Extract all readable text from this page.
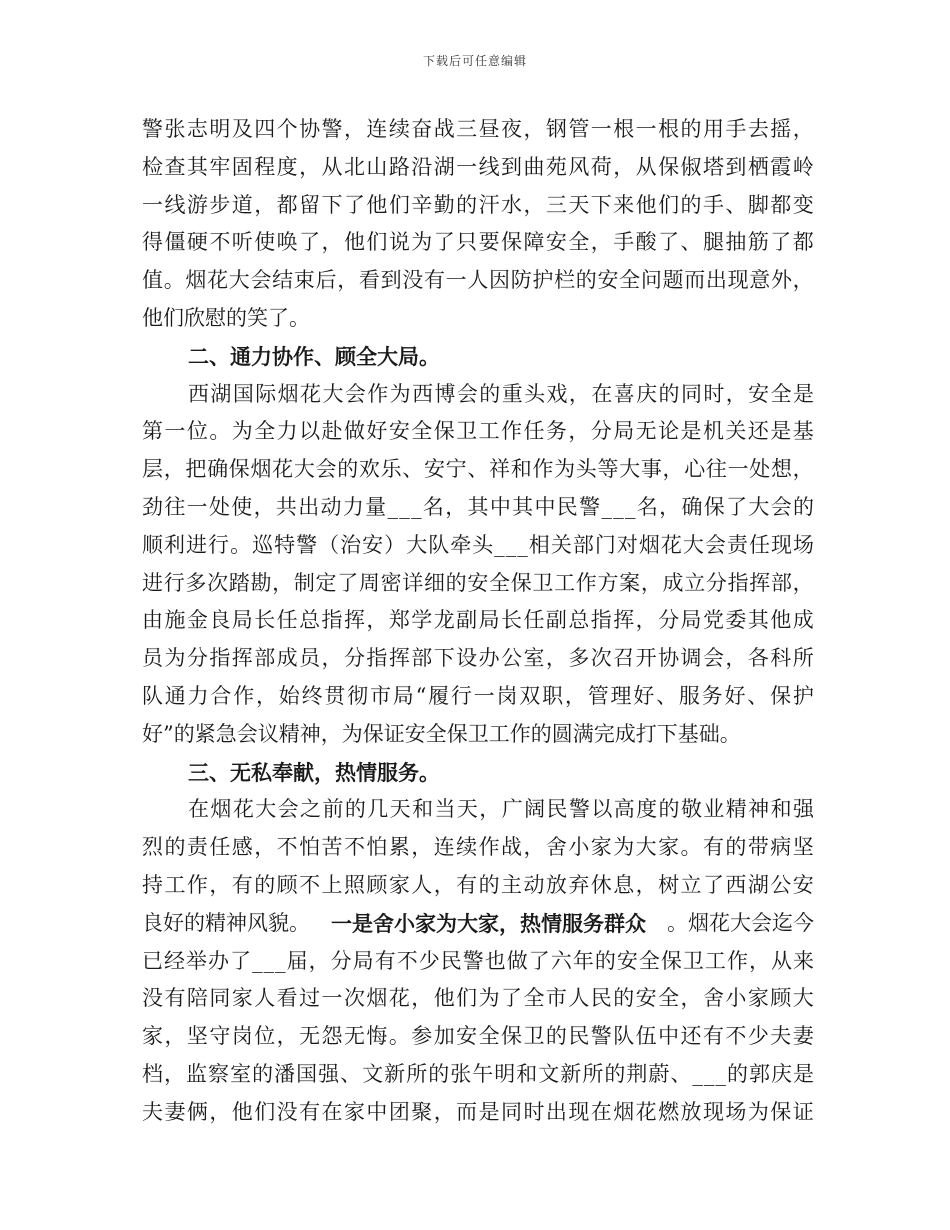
下载后可任意编辑
警 张 志 明 及 四 个 协 警 ， 连 续 奋 战 三 昼 夜 ， 钢 管 一 根 一 根 的 用 手 去 摇 ，
检 查 其 牢 固 程 度 ， 从 北 山 路 沿 湖 一 线 到 曲 苑 风 荷 ， 从 保 俶 塔 到 栖 霞 岭
一 线 游 步 道 ， 都 留 下 了 他 们 辛 勤 的 汗 水 ， 三 天 下 来 他 们 的 手 、 脚 都 变
得 僵 硬 不 听 使 唤 了 ， 他 们 说 为 了 只 要 保 障 安 全 ， 手 酸 了 、 腿 抽 筋 了 都
值 。 烟 花 大 会 结 束 后 ， 看 到 没 有 一 人 因 防 护 栏 的 安 全 问 题 而 出 现 意 外 ，
他们欣慰的笑了。
二、通力协作、顾全大局。
西 湖 国 际 烟 花 大 会 作 为 西 博 会 的 重 头 戏 ， 在 喜 庆 的 同 时 ， 安 全 是
第 一 位 。 为 全 力 以 赴 做 好 安 全 保 卫 工 作 任 务 ， 分 局 无 论 是 机 关 还 是 基
层 ， 把 确 保 烟 花 大 会 的 欢 乐 、 安 宁 、 祥 和 作 为 头 等 大 事 ， 心 往 一 处 想 ，
劲 往 一 处 使 ， 共 出 动 力 量 _ _ _ 名 ， 其 中 其 中 民 警 _ _ _ 名 ， 确 保 了 大 会 的
顺 利 进 行 。 巡 特 警 （ 治 安 ） 大 队 牵 头 _ _ _ 相 关 部 门 对 烟 花 大 会 责 任 现 场
进 行 多 次 踏 勘 ， 制 定 了 周 密 详 细 的 安 全 保 卫 工 作 方 案 ， 成 立 分 指 挥 部 ，
由 施 金 良 局 长 任 总 指 挥 ， 郑 学 龙 副 局 长 任 副 总 指 挥 ， 分 局 党 委 其 他 成
员 为 分 指 挥 部 成 员 ， 分 指 挥 部 下 设 办 公 室 ， 多 次 召 开 协 调 会 ， 各 科 所
队 通 力 合 作 ， 始 终 贯 彻 市 局 “ 履 行 一 岗 双 职 ， 管 理 好 、 服 务 好 、 保 护
好”的紧急会议精神，为保证安全保卫工作的圆满完成打下基础。
三、无私奉献，热情服务。
在 烟 花 大 会 之 前 的 几 天 和 当 天 ， 广 阔 民 警 以 高 度 的 敬 业 精 神 和 强
烈 的 责 任 感 ， 不 怕 苦 不 怕 累 ， 连 续 作 战 ， 舍 小 家 为 大 家 。 有 的 带 病 坚
持 工 作 ， 有 的 顾 不 上 照 顾 家 人 ， 有 的 主 动 放 弃 休 息 ， 树 立 了 西 湖 公 安
良好的精神风貌。 一是舍小家为大家，热情服务群众 。烟花大会迄今
已 经 举 办 了 _ _ _ 届 ， 分 局 有 不 少 民 警 也 做 了 六 年 的 安 全 保 卫 工 作 ， 从 来
没 有 陪 同 家 人 看 过 一 次 烟 花 ， 他 们 为 了 全 市 人 民 的 安 全 ， 舍 小 家 顾 大
家 ， 坚 守 岗 位 ， 无 怨 无 悔 。 参 加 安 全 保 卫 的 民 警 队 伍 中 还 有 不 少 夫 妻
档 ， 监 察 室 的 潘 国 强 、 文 新 所 的 张 午 明 和 文 新 所 的 荆 蔚 、 _ _ _ 的 郭 庆 是
夫 妻 俩 ， 他 们 没 有 在 家 中 团 聚 ， 而 是 同 时 出 现 在 烟 花 燃 放 现 场 为 保 证
